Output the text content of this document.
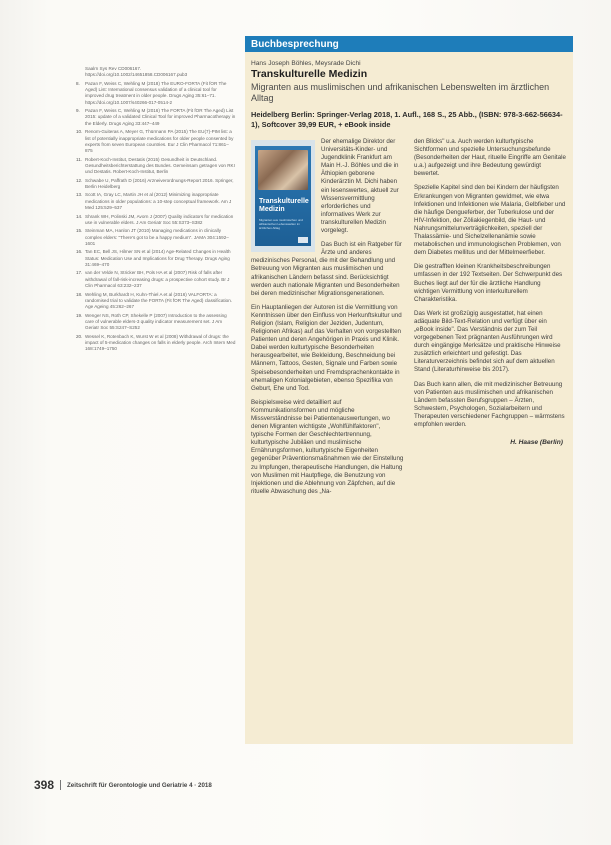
Saalrn Sys Rev CD006167. https://doi.org/10.1002/14651858.CD006167.pub3
8.	Pazan F, Weiss C, Wehling M (2018) The EURO-FORTA (Fit fOR The Aged) List: International consensus validation of a clinical tool for improved drug treatment in older people. Drugs Aging 35:61–71. https://doi.org/10.1007/s40266-017-0514-2
9.	Pazan F, Weiss C, Wehling M (2016) The FORTA (Fit fOR The Aged) List 2015: update of a validated Clinical Tool for improved Pharmacotherapy in the Elderly. Drugs Aging 33:447–449
10. Renom-Guiteras A, Meyer G, Thürmann PA (2015) The EU(7)-PIM list: a list of potentially inappropriate medications for older people consented by experts from seven European countries. Eur J Clin Pharmacol 71:861–875
11. Robert-Koch-Institut, Destatis (2015) Gesundheit in Deutschland. Gesundheitsberichterstattung des Bundes. Gemeinsam getragen von RKI und Destatis. Robert-Koch-Institut, Berlin
12. Schwabe U, Paffrath D (2016) Arzneiverordnungs-Report 2016. Springer, Berlin Heidelberg
13. Scott IA, Gray LC, Martin JH et al (2012) Minimizing inappropriate medications in older populations: a 10-step conceptual framework. Am J Med 125:529–537
14. Shrank WH, Polinski JM, Avorn J (2007) Quality indicators for medication use in vulnerable elders. J Am Geriatr Soc 55:S373–S382
15. Steinman MA, Hanlon JT (2010) Managing medications in clinically complex elders: "There's got to be a happy medium". JAMA 304:1592–1601
16. Tan EC, Bell JS, Hilmer SN et al (2014) Age-Related Changes in Health Status: Medication Use and Implications for Drug Therapy. Drugs Aging 31:469–470
17. van der Velde N, Stricker BH, Pols HA et al (2007) Risk of falls after withdrawal of fall-risk-increasing drugs: a prospective cohort study. Br J Clin Pharmacol 63:232–237
18. Wehling M, Burkhardt H, Kuhn-Thiel A et al (2016) VALFORTA: a randomised trial to validate the FORTA (Fit fOR The Aged) classification. Age Ageing 45:262–267
19. Wenger NS, Roth CP, Shekelle P (2007) Introduction to the assessing care of vulnerable elders-3 quality indicator measurement set. J Am Geriatr Soc 55:S247–S252
20. Wessel K, Rotenbach K, Wurst W et al (2008) Withdrawal of drugs: the impact of 5-medication changes on falls in elderly people. Arch Intern Med 168:1749–1750
Buchbesprechung
Hans Joseph Böhles, Meysrade Dichi
Transkulturelle Medizin
Migranten aus muslimischen und afrikanischen Lebenswelten im ärztlichen Alltag
Heidelberg Berlin: Springer-Verlag 2018, 1. Aufl., 168 S., 25 Abb., (ISBN: 978-3-662-56634-1), Softcover 39,99 EUR, + eBook inside
Transkulturelle Medizin
Migranten aus muslimischen und afrikanischen Lebenswelten im ärztlichen Alltag

Der ehemalige Direktor der Universitäts-Kinder- und Jugendklinik Frankfurt am Main H.-J. Böhles und die in Äthiopien geborene Kinderärztin M. Dichi haben ein lesenswertes, aktuell zur Wissensvermittlung erforderliches und informatives Werk zur transkulturellen Medizin vorgelegt.

Das Buch ist ein Ratgeber für Ärzte und anderes medizinisches Personal, die mit der Behandlung und Betreuung von Migranten aus muslimischen und afrikanischen Ländern befasst sind. Berücksichtigt werden auch nationale Migranten und Besonderheiten bei deren medizinischer Migrationsgenerationen.

Ein Hauptanliegen der Autoren ist die Vermittlung von Kenntnissen über den Einfluss von Herkunftskultur und Religion (Islam, Religion der Jeziden, Judentum, Religionen Afrikas) auf das Verhalten von vorgestellten Patienten und deren Angehörigen in Praxis und Klinik. Dabei werden kulturtypische Besonderheiten herausgearbeitet, wie Bekleidung, Beschneidung bei Männern, Tattoos, Gesten, Signale und Farben sowie Speisebesonderheiten und Fremdsprachenkontakte in ehemaligen Kolonialgebieten, ebenso Spezifika von Geburt, Ehe und Tod.

Beispielsweise wird detailliert auf Kommunikationsformen und mögliche Missverständnisse bei Patientenauswertungen, wo denen Migranten wichtigste „Wohlfühlfaktoren", typische Formen der Geschlechtertrennung, kulturtypische Jubiläen und muslimische Ernährungsformen, kulturtypische Eigenheiten gegenüber Präventionsmaßnahmen wie der Einstellung zu Impfungen, therapeutische Handlungen, die Haltung von Muslimen mit Hautpflege, die Benutzung von Injektionen und die Ablehnung von Zäpfchen, auf die rituelle Abwaschung des „Na-

den Blicks" u.a. Auch werden kulturtypische Sichtformen und spezielle Untersuchungsbefunde (Besonderheiten der Haut, rituelle Eingriffe am Genitale u.a.) aufgezeigt und ihre Bedeutung gewürdigt bewertet.

Spezielle Kapitel sind den bei Kindern der häufigsten Erkrankungen von Migranten gewidmet, wie etwa Infektionen und Infektionen wie Malaria, Gelbfieber und die häufige Dengueferber, der Tuberkulose und der HIV-Infektion, der Zöliakiegenbild, die Haut- und Nahrungsmittelunverträglichkeiten, speziell der Thalassämie- und Sichelzellenanämie sowie metabolischen und immunologischen Problemen, von dem Diabetes mellitus und der Mittelmeerfieber.

Die gestrafften kleinen Krankheitsbeschreibungen umfassen in der 192 Textseiten. Der Schwerpunkt des Buches liegt auf der für die ärztliche Handlung wichtigen Vermittlung von interkulturellem Charakteristika.

Das Werk ist großzügig ausgestattet, hat einen adäquate Bild-Text-Relation und verfügt über ein „eBook inside". Das Verständnis der zum Teil vorgegebenen Text prägnanten Ausführungen wird durch eingängige Merksätze und praktische Hinweise zusätzlich erleichtert und gefestigt. Das Literaturverzeichnis befindet sich auf dem aktuellen Stand (Literaturhinweise bis 2017).

Das Buch kann allen, die mit medizinischer Betreuung von Patienten aus muslimischen und afrikanischen Ländern befassten Berufsgruppen – Ärzten, Schwestern, Psychologen, Sozialarbeitern und Therapeuten verschiedener Fachgruppen – wärmstens empfohlen werden.

H. Haase (Berlin)
398 Zeitschrift für Gerontologie und Geriatrie 4 · 2018
